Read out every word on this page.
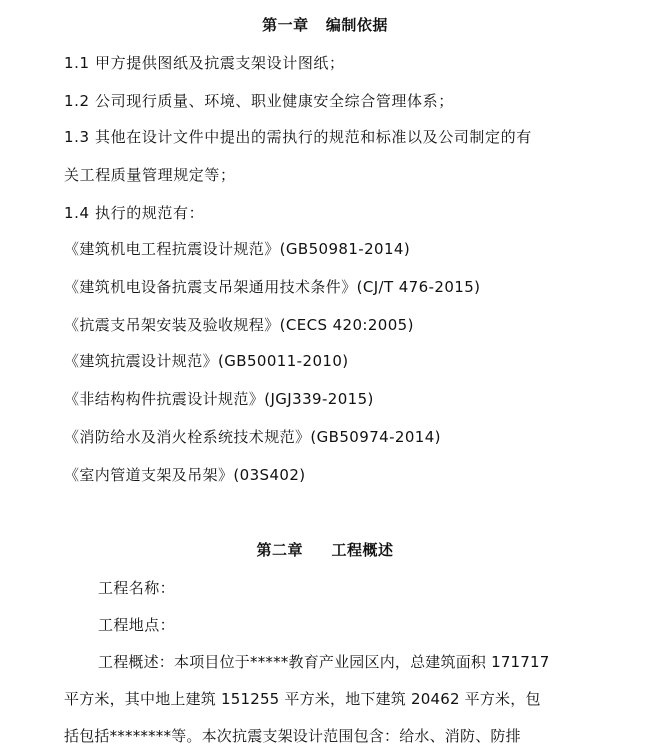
第一章   编制依据
1.1 甲方提供图纸及抗震支架设计图纸；
1.2 公司现行质量、环境、职业健康安全综合管理体系；
1.3 其他在设计文件中提出的需执行的规范和标准以及公司制定的有
关工程质量管理规定等；
1.4 执行的规范有：
《建筑机电工程抗震设计规范》(GB50981-2014)
《建筑机电设备抗震支吊架通用技术条件》(CJ/T 476-2015)
《抗震支吊架安装及验收规程》(CECS 420:2005)
《建筑抗震设计规范》(GB50011-2010)
《非结构构件抗震设计规范》(JGJ339-2015)
《消防给水及消火栓系统技术规范》(GB50974-2014)
《室内管道支架及吊架》(03S402)
第二章     工程概述
工程名称：
工程地点：
工程概述：本项目位于*****教育产业园区内，总建筑面积 171717
平方米，其中地上建筑 151255 平方米，地下建筑 20462 平方米，包
括包括********等。本次抗震支架设计范围包含：给水、消防、防排
